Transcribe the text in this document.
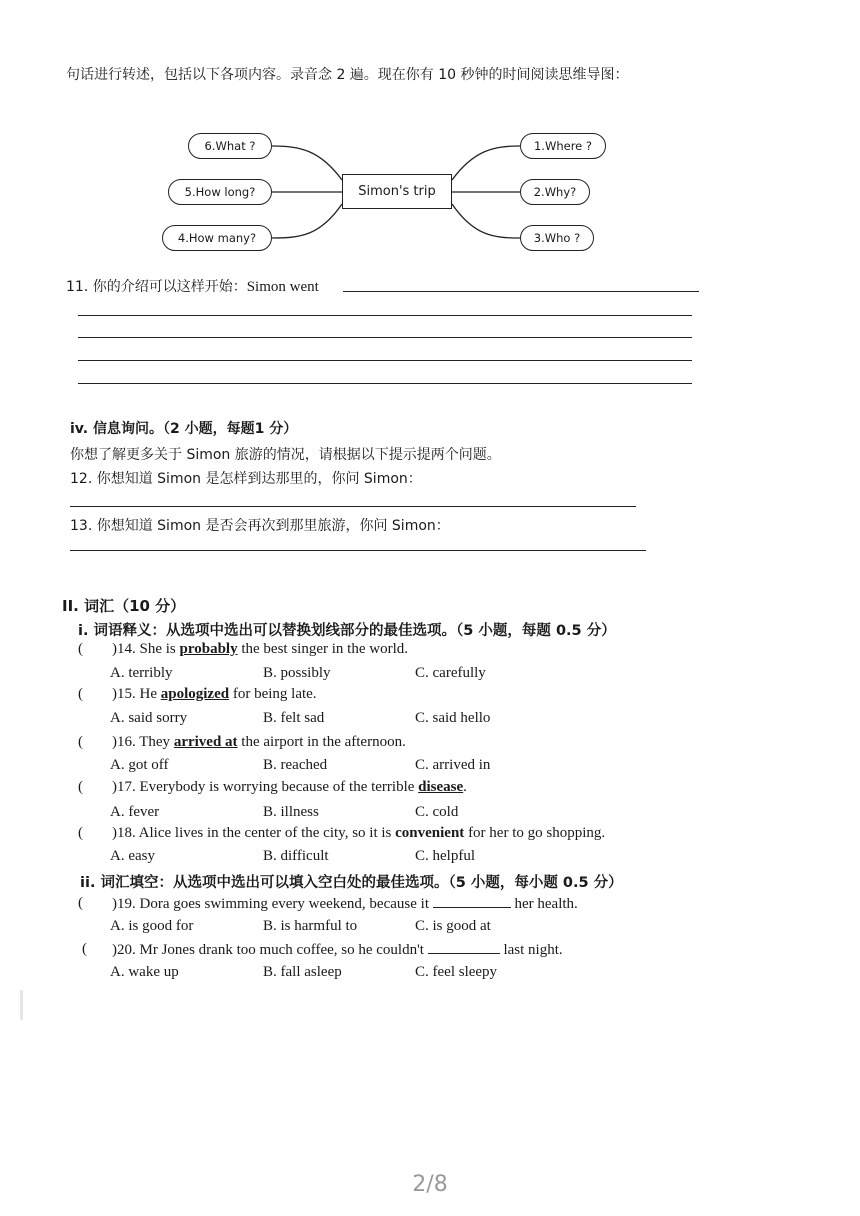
句话进行转述，包括以下各项内容。录音念 2 遍。现在你有 10 秒钟的时间阅读思维导图：
Simon's trip
6.What ?
5.How long?
4.How many?
1.Where ?
2.Why?
3.Who ?
11. 你的介绍可以这样开始：Simon went
iv. 信息询问。（2 小题，每题1 分）
你想了解更多关于 Simon 旅游的情况，请根据以下提示提两个问题。
12. 你想知道 Simon 是怎样到达那里的，你问 Simon：
13. 你想知道 Simon 是否会再次到那里旅游，你问 Simon：
II. 词汇（10 分）
i. 词语释义：从选项中选出可以替换划线部分的最佳选项。（5 小题，每题 0.5 分）
( )14. She is probably the best singer in the world.
A. terribly	B. possibly	C. carefully
( )15. He apologized for being late.
A. said sorry	B. felt sad	C. said hello
( )16. They arrived at the airport in the afternoon.
A. got off	B. reached	C. arrived in
( )17. Everybody is worrying because of the terrible disease.
A. fever	B. illness	C. cold
( )18. Alice lives in the center of the city, so it is convenient for her to go shopping.
A. easy	B. difficult	C. helpful
ii. 词汇填空：从选项中选出可以填入空白处的最佳选项。（5 小题，每小题 0.5 分）
( )19. Dora goes swimming every weekend, because it	her health.
A. is good for	B. is harmful to	C. is good at
( )20. Mr Jones drank too much coffee, so he couldn't	last night.
A. wake up	B. fall asleep	C. feel sleepy
2/8
